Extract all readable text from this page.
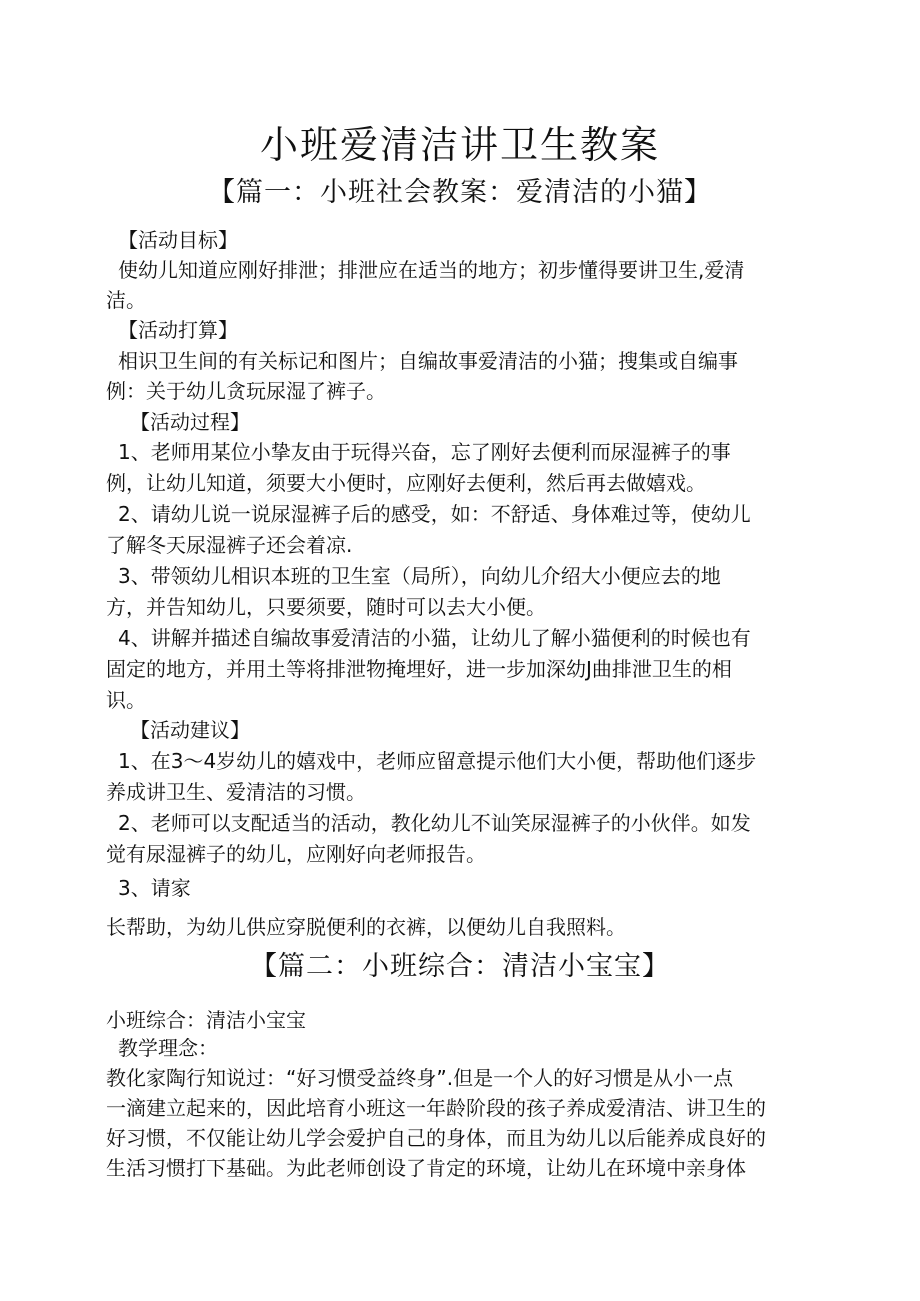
小班爱清洁讲卫生教案
【篇一：小班社会教案：爱清洁的小猫】
【活动目标】
使幼儿知道应刚好排泄；排泄应在适当的地方；初步懂得要讲卫生,爱清
洁。
【活动打算】
相识卫生间的有关标记和图片；自编故事爱清洁的小猫；搜集或自编事
例：关于幼儿贪玩尿湿了裤子。
【活动过程】
1、老师用某位小挚友由于玩得兴奋，忘了刚好去便利而尿湿裤子的事
例，让幼儿知道，须要大小便时，应刚好去便利，然后再去做嬉戏。
2、请幼儿说一说尿湿裤子后的感受，如：不舒适、身体难过等，使幼儿
了解冬天尿湿裤子还会着凉.
3、带领幼儿相识本班的卫生室（局所），向幼儿介绍大小便应去的地
方，并告知幼儿，只要须要，随时可以去大小便。
4、讲解并描述自编故事爱清洁的小猫，让幼儿了解小猫便利的时候也有
固定的地方，并用土等将排泄物掩埋好，进一步加深幼J曲排泄卫生的相
识。
【活动建议】
1、在3～4岁幼儿的嬉戏中，老师应留意提示他们大小便，帮助他们逐步
养成讲卫生、爱清洁的习惯。
2、老师可以支配适当的活动，教化幼儿不讪笑尿湿裤子的小伙伴。如发
觉有尿湿裤子的幼儿，应刚好向老师报告。
3、请家
长帮助，为幼儿供应穿脱便利的衣裤，以便幼儿自我照料。
【篇二：小班综合：清洁小宝宝】
小班综合：清洁小宝宝
教学理念：
教化家陶行知说过：“好习惯受益终身”.但是一个人的好习惯是从小一点
一滴建立起来的，因此培育小班这一年龄阶段的孩子养成爱清洁、讲卫生的
好习惯，不仅能让幼儿学会爱护自己的身体，而且为幼儿以后能养成良好的
生活习惯打下基础。为此老师创设了肯定的环境，让幼儿在环境中亲身体
